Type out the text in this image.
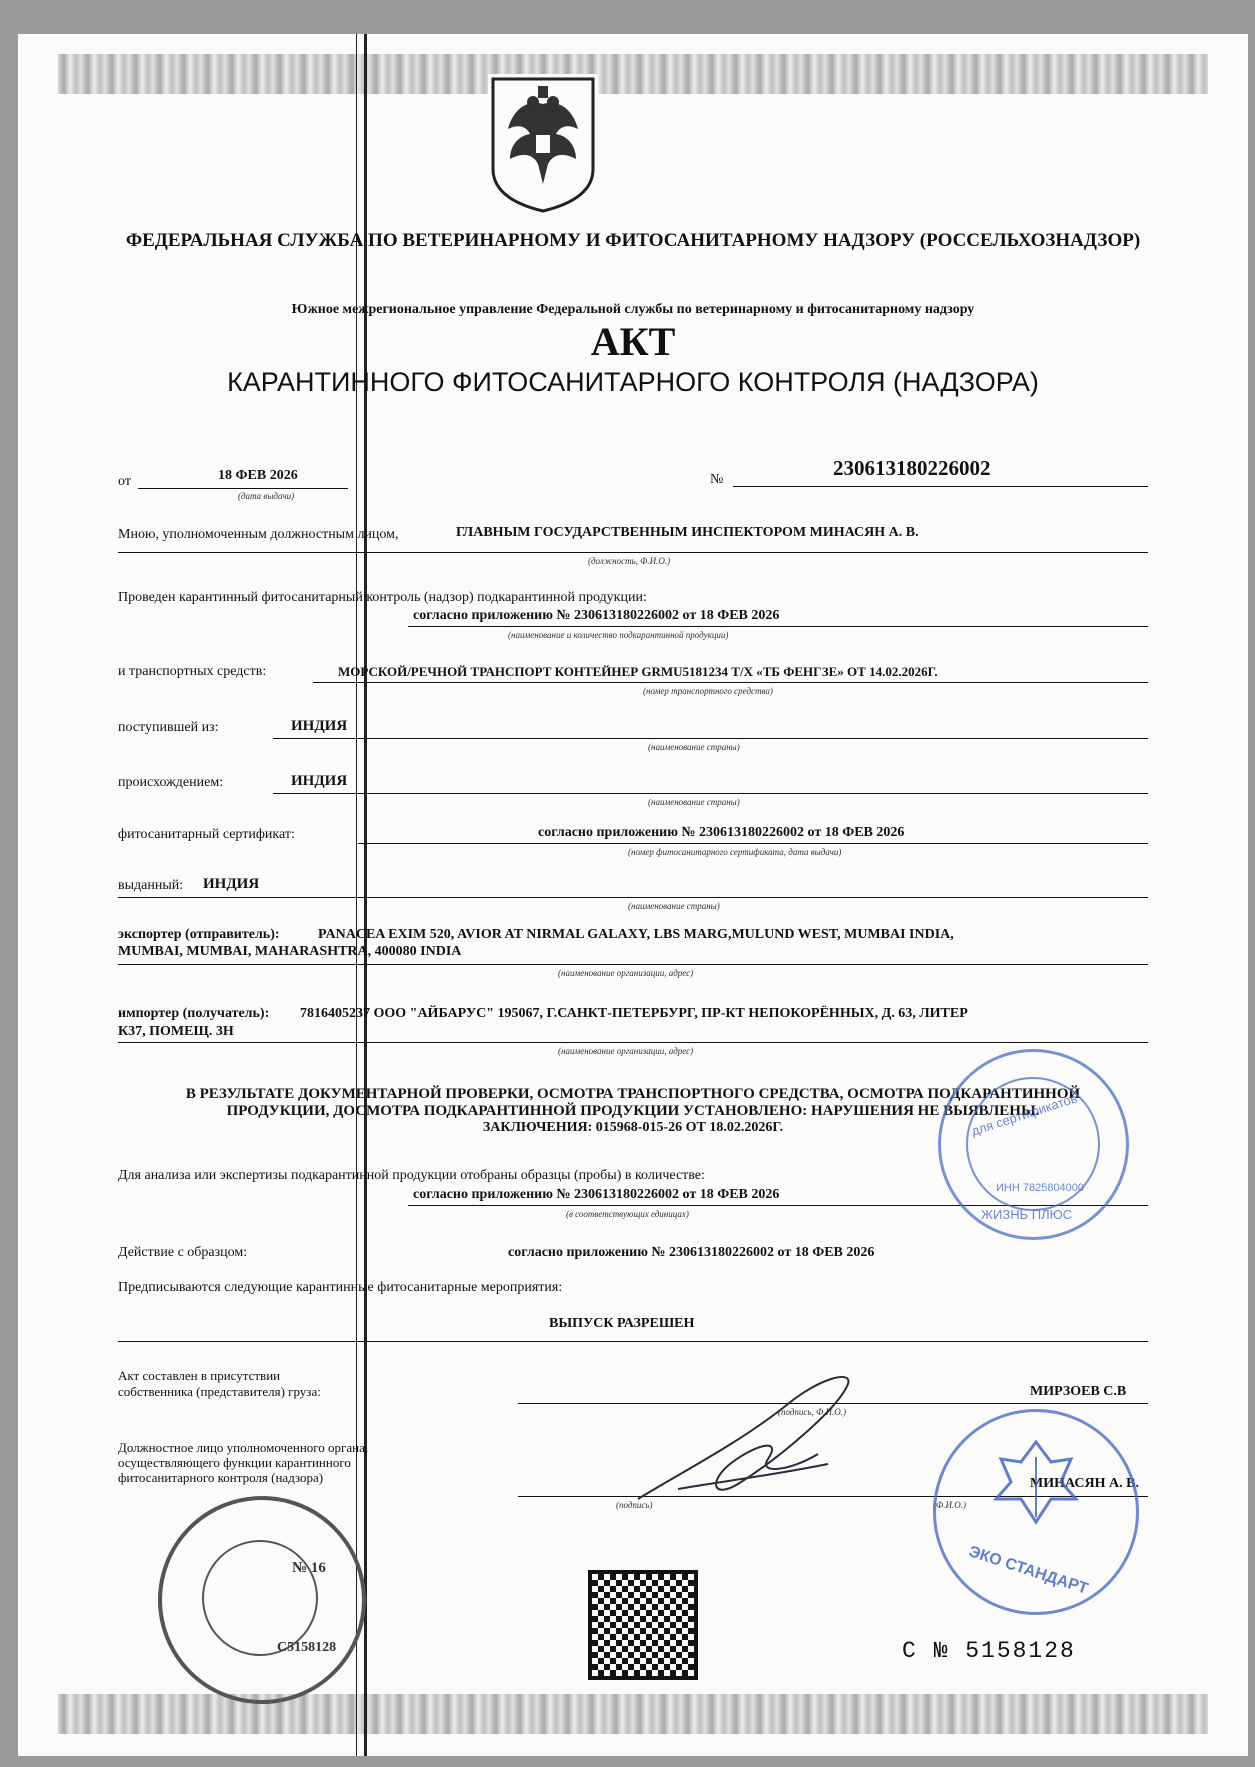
ФЕДЕРАЛЬНАЯ СЛУЖБА ПО ВЕТЕРИНАРНОМУ И ФИТОСАНИТАРНОМУ НАДЗОРУ (РОССЕЛЬХОЗНАДЗОР)
Южное межрегиональное управление Федеральной службы по ветеринарному и фитосанитарному надзору
АКТ
КАРАНТИННОГО ФИТОСАНИТАРНОГО КОНТРОЛЯ (НАДЗОРА)
от	18 ФЕВ 2026
(дата выдачи)
№	230613180226002
Мною, уполномоченным должностным лицом,	ГЛАВНЫМ ГОСУДАРСТВЕННЫМ ИНСПЕКТОРОМ МИНАСЯН А. В.
(должность, Ф.И.О.)
Проведен карантинный фитосанитарный контроль (надзор) подкарантинной продукции:
согласно приложению № 230613180226002 от 18 ФЕВ 2026
(наименование и количество подкарантинной продукции)
и транспортных средств:	МОРСКОЙ/РЕЧНОЙ ТРАНСПОРТ КОНТЕЙНЕР GRMU5181234 Т/Х «ТБ ФЕНГЗЕ» ОТ 14.02.2026Г.
(номер транспортного средства)
поступившей из:	ИНДИЯ
(наименование страны)
происхождением:	ИНДИЯ
(наименование страны)
фитосанитарный сертификат:	согласно приложению № 230613180226002 от 18 ФЕВ 2026
(номер фитосанитарного сертификата, дата выдачи)
выданный: ИНДИЯ
(наименование страны)
экспортер (отправитель):	PANACEA EXIM 520, AVIOR AT NIRMAL GALAXY, LBS MARG,MULUND WEST, MUMBAI INDIA,
MUMBAI, MUMBAI, MAHARASHTRA, 400080 INDIA
(наименование организации, адрес)
импортер (получатель): 7816405237 ООО "АЙБАРУС" 195067, Г.САНКТ-ПЕТЕРБУРГ, ПР-КТ НЕПОКОРЁННЫХ, Д. 63, ЛИТЕР
К37, ПОМЕЩ. 3Н
(наименование организации, адрес)
В РЕЗУЛЬТАТЕ ДОКУМЕНТАРНОЙ ПРОВЕРКИ, ОСМОТРА ТРАНСПОРТНОГО СРЕДСТВА, ОСМОТРА ПОДКАРАНТИННОЙ
ПРОДУКЦИИ, ДОСМОТРА ПОДКАРАНТИННОЙ ПРОДУКЦИИ УСТАНОВЛЕНО: НАРУШЕНИЯ НЕ ВЫЯВЛЕНЫ.
ЗАКЛЮЧЕНИЯ: 015968-015-26 ОТ 18.02.2026Г.
Для анализа или экспертизы подкарантинной продукции отобраны образцы (пробы) в количестве:
согласно приложению № 230613180226002 от 18 ФЕВ 2026
(в соответствующих единицах)
Действие с образцом:	согласно приложению № 230613180226002 от 18 ФЕВ 2026
Предписываются следующие карантинные фитосанитарные мероприятия:
ВЫПУСК РАЗРЕШЕН
Акт составлен в присутствии
собственника (представителя) груза:	МИРЗОЕВ С.В
(подпись, Ф.И.О.)
Должностное лицо уполномоченного органа,
осуществляющего функции карантинного
фитосанитарного контроля (надзора)	МИНАСЯН А. В.
(подпись)	(Ф.И.О.)
№ 16
С5158128	С № 5158128
для сертификатов
ИНН 7825804000
ЖИЗНЬ ПЛЮС
ЭКО СТАНДАРТ
